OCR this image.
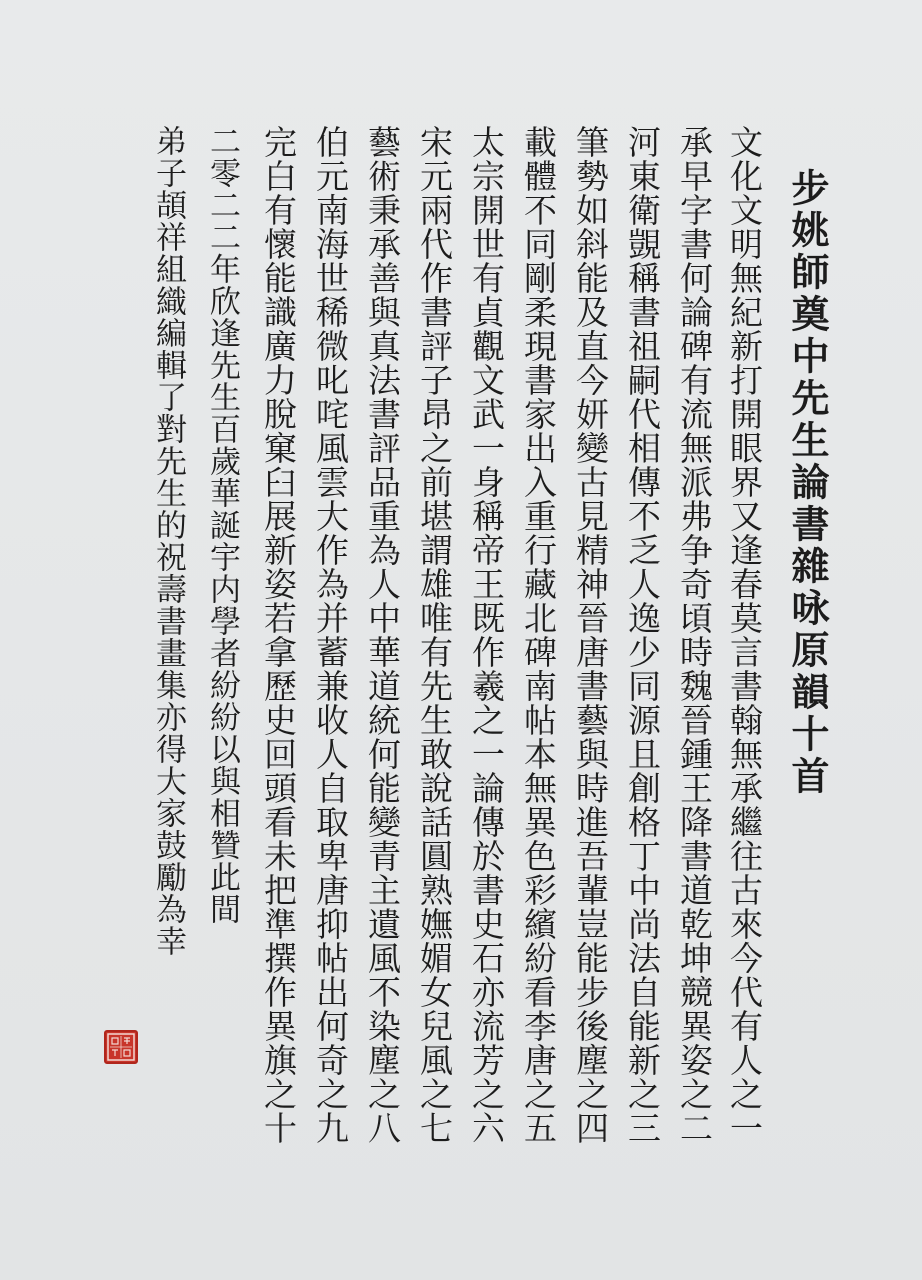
步姚師奠中先生論書雜咏原韻十首
文化文明無紀新打開眼界又逢春莫言書翰無承繼往古來今代有人之一
承早字書何論碑有流無派弗争奇頃時魏晉鍾王降書道乾坤競異姿之二
河東衛覬稱書祖嗣代相傳不乏人逸少同源且創格丁中尚法自能新之三
筆勢如斜能及直今妍變古見精神晉唐書藝與時進吾輩豈能步後塵之四
載體不同剛柔現書家出入重行藏北碑南帖本無異色彩繽紛看李唐之五
太宗開世有貞觀文武一身稱帝王既作羲之一論傳於書史石亦流芳之六
宋元兩代作書評子昂之前堪謂雄唯有先生敢說話圓熟嫵媚女兒風之七
藝術秉承善與真法書評品重為人中華道統何能變青主遺風不染塵之八
伯元南海世稀微叱咤風雲大作為并蓄兼收人自取卑唐抑帖出何奇之九
完白有懷能識廣力脫窠臼展新姿若拿歷史回頭看未把準撰作異旗之十
二零二二年欣逢先生百歲華誕宇内學者紛紛以與相贊此間
弟子頡祥組織編輯了對先生的祝壽書畫集亦得大家鼓勵為幸
